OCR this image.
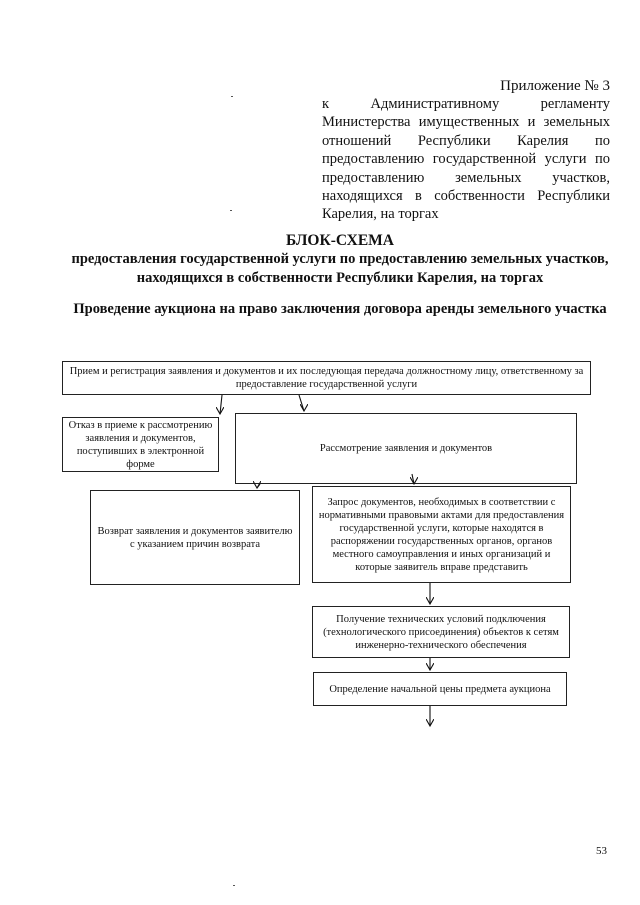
Приложение № 3

к Административному регламенту Министерства имущественных и земельных отношений Республики Карелия по предоставлению государственной услуги по предоставлению земельных участков, находящихся в собственности Республики Карелия, на торгах

БЛОК-СХЕМА
предоставления государственной услуги по предоставлению земельных участков, находящихся в собственности Республики Карелия, на торгах
Проведение аукциона на право заключения договора аренды земельного участка
Прием и регистрация заявления и документов и их последующая передача должностному лицу, ответственному за предоставление государственной услуги
Отказ в приеме к рассмотрению заявления и документов, поступивших в электронной форме
Рассмотрение заявления и документов
Возврат заявления и документов заявителю с указанием причин возврата
Запрос документов, необходимых в соответствии с нормативными правовыми актами для предоставления государственной услуги, которые находятся в распоряжении государственных органов, органов местного самоуправления и иных организаций и которые заявитель вправе представить
Получение технических условий подключения (технологического присоединения) объектов к сетям инженерно-технического обеспечения
Определение начальной цены предмета аукциона
53
